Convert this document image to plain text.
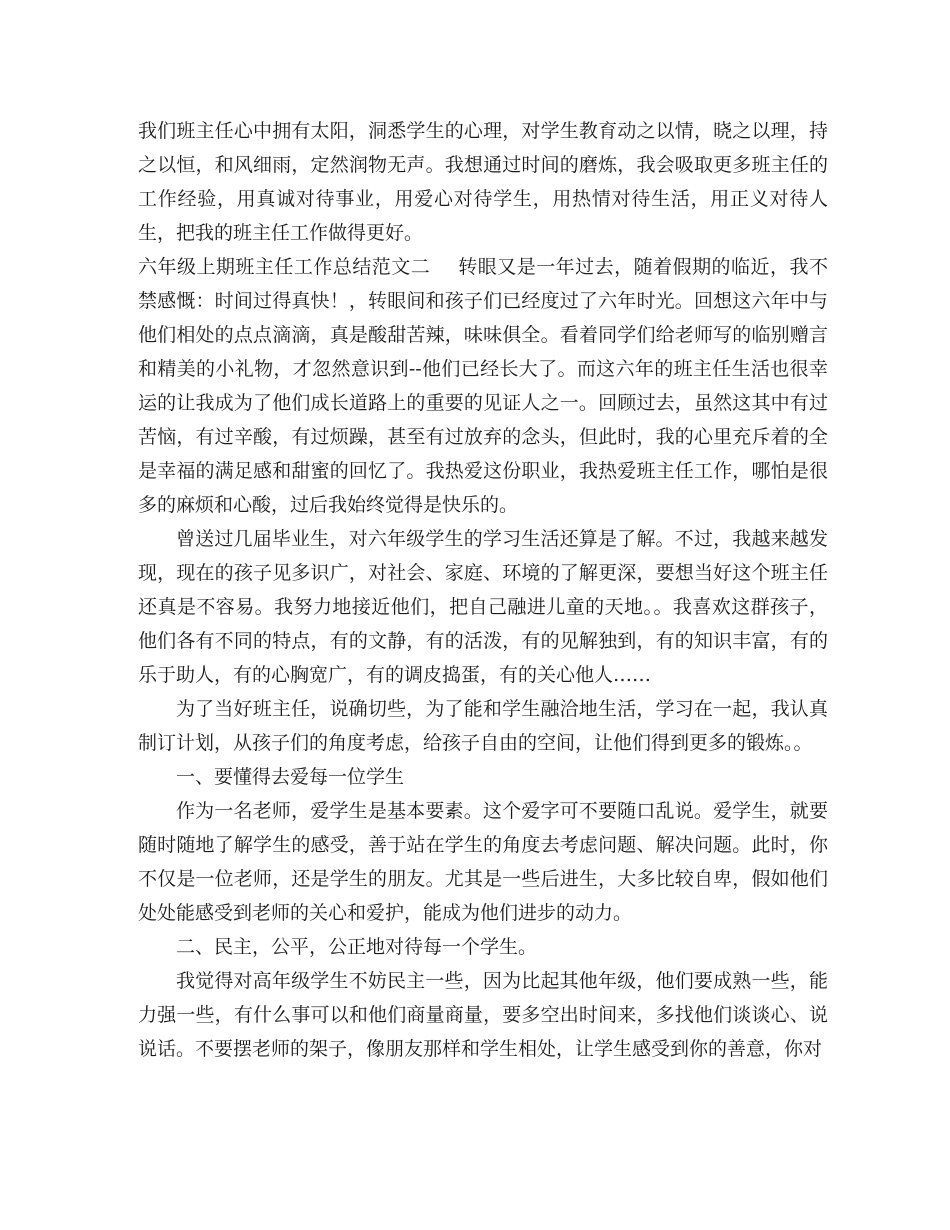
我们班主任心中拥有太阳，洞悉学生的心理，对学生教育动之以情，晓之以理，持之以恒，和风细雨，定然润物无声。我想通过时间的磨炼，我会吸取更多班主任的工作经验，用真诚对待事业，用爱心对待学生，用热情对待生活，用正义对待人生，把我的班主任工作做得更好。

六年级上期班主任工作总结范文二 转眼又是一年过去，随着假期的临近，我不禁感慨：时间过得真快！，转眼间和孩子们已经度过了六年时光。回想这六年中与他们相处的点点滴滴，真是酸甜苦辣，味味俱全。看着同学们给老师写的临别赠言和精美的小礼物，才忽然意识到--他们已经长大了。而这六年的班主任生活也很幸运的让我成为了他们成长道路上的重要的见证人之一。回顾过去，虽然这其中有过苦恼，有过辛酸，有过烦躁，甚至有过放弃的念头，但此时，我的心里充斥着的全是幸福的满足感和甜蜜的回忆了。我热爱这份职业，我热爱班主任工作，哪怕是很多的麻烦和心酸，过后我始终觉得是快乐的。

曾送过几届毕业生，对六年级学生的学习生活还算是了解。不过，我越来越发现，现在的孩子见多识广，对社会、家庭、环境的了解更深，要想当好这个班主任还真是不容易。我努力地接近他们，把自己融进儿童的天地。。我喜欢这群孩子，他们各有不同的特点，有的文静，有的活泼，有的见解独到，有的知识丰富，有的乐于助人，有的心胸宽广，有的调皮捣蛋，有的关心他人……

为了当好班主任，说确切些，为了能和学生融洽地生活，学习在一起，我认真制订计划，从孩子们的角度考虑，给孩子自由的空间，让他们得到更多的锻炼。。

一、要懂得去爱每一位学生

作为一名老师，爱学生是基本要素。这个爱字可不要随口乱说。爱学生，就要随时随地了解学生的感受，善于站在学生的角度去考虑问题、解决问题。此时，你不仅是一位老师，还是学生的朋友。尤其是一些后进生，大多比较自卑，假如他们处处能感受到老师的关心和爱护，能成为他们进步的动力。

二、民主，公平，公正地对待每一个学生。

我觉得对高年级学生不妨民主一些，因为比起其他年级，他们要成熟一些，能力强一些，有什么事可以和他们商量商量，要多空出时间来，多找他们谈谈心、说说话。不要摆老师的架子，像朋友那样和学生相处，让学生感受到你的善意，你对
